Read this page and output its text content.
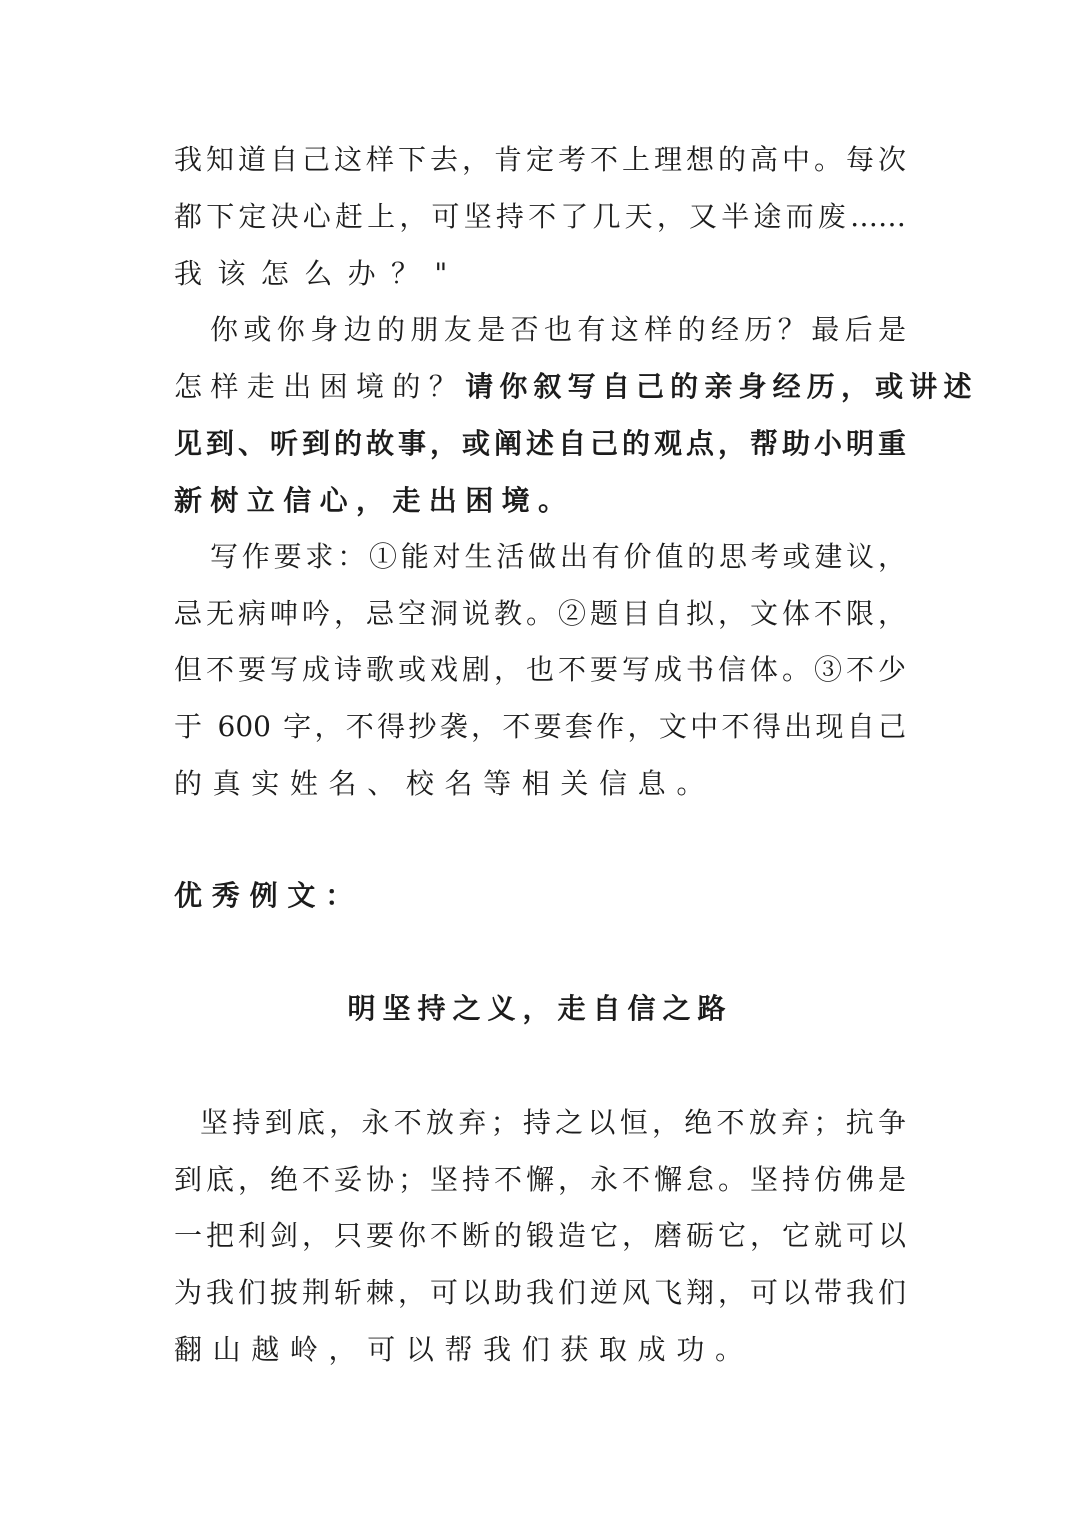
我知道自己这样下去，肯定考不上理想的高中。每次
都下定决心赶上，可坚持不了几天，又半途而废……
我该怎么办？"
你或你身边的朋友是否也有这样的经历？最后是
怎样走出困境的？请你叙写自己的亲身经历，或讲述
见到、听到的故事，或阐述自己的观点，帮助小明重
新树立信心，走出困境。
写作要求：①能对生活做出有价值的思考或建议，
忌无病呻吟，忌空洞说教。②题目自拟，文体不限，
但不要写成诗歌或戏剧，也不要写成书信体。③不少
于 600 字，不得抄袭，不要套作，文中不得出现自己
的真实姓名、校名等相关信息。
优秀例文：
明坚持之义，走自信之路
坚持到底，永不放弃；持之以恒，绝不放弃；抗争
到底，绝不妥协；坚持不懈，永不懈怠。坚持仿佛是
一把利剑，只要你不断的锻造它，磨砺它，它就可以
为我们披荆斩棘，可以助我们逆风飞翔，可以带我们
翻山越岭，可以帮我们获取成功。
